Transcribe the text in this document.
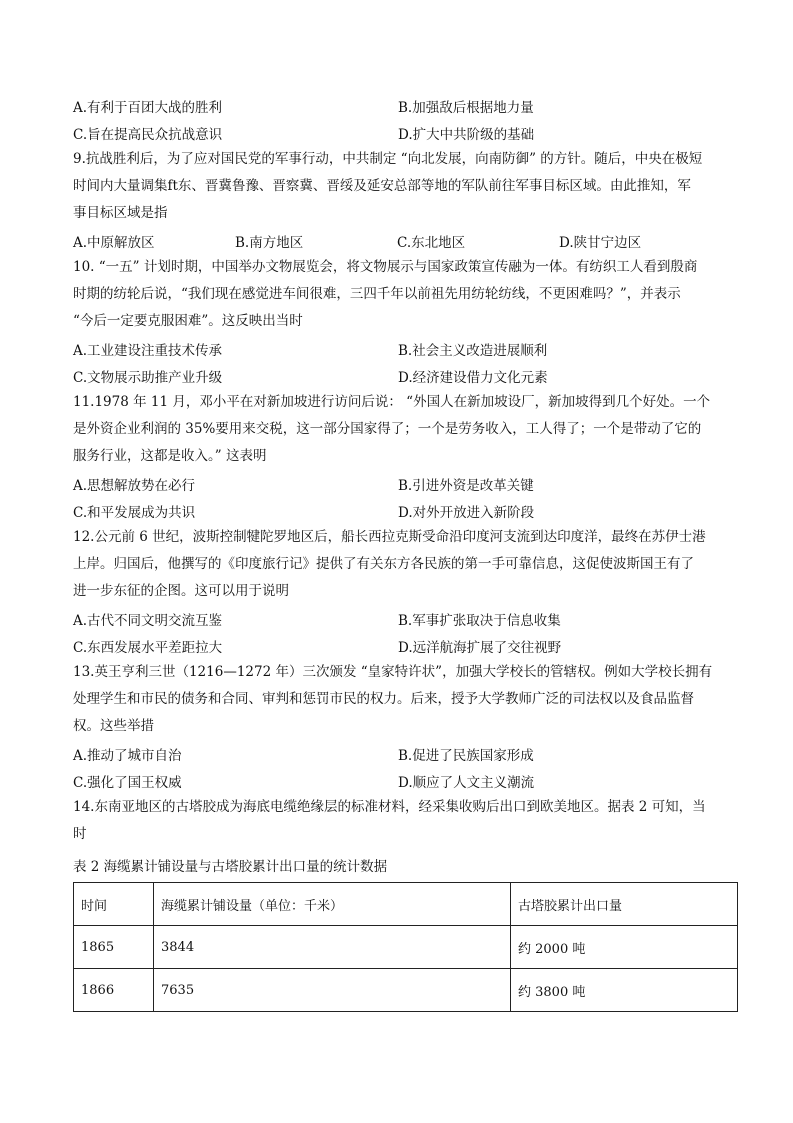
A.有利于百团大战的胜利	B.加强敌后根据地力量
C.旨在提高民众抗战意识	D.扩大中共阶级的基础

9.抗战胜利后，为了应对国民党的军事行动，中共制定 “向北发展，向南防御” 的方针。随后，中央在极短

时间内大量调集ft东、晋冀鲁豫、晋察冀、晋绥及延安总部等地的军队前往军事目标区域。由此推知，军

事目标区域是指

A.中原解放区	B.南方地区	C.东北地区	D.陕甘宁边区

10. “一五” 计划时期，中国举办文物展览会，将文物展示与国家政策宣传融为一体。有纺织工人看到殷商

时期的纺轮后说，“我们现在感觉进车间很难，三四千年以前祖先用纺轮纺线，不更困难吗？”，并表示

“今后一定要克服困难”。这反映出当时

A.工业建设注重技术传承	B.社会主义改造进展顺利
C.文物展示助推产业升级	D.经济建设借力文化元素

11.1978 年 11 月，邓小平在对新加坡进行访问后说： “外国人在新加坡设厂，新加坡得到几个好处。一个

是外资企业利润的 35%要用来交税，这一部分国家得了；一个是劳务收入，工人得了；一个是带动了它的

服务行业，这都是收入。” 这表明

A.思想解放势在必行	B.引进外资是改革关键
C.和平发展成为共识	D.对外开放进入新阶段

12.公元前 6 世纪，波斯控制犍陀罗地区后，船长西拉克斯受命沿印度河支流到达印度洋，最终在苏伊士港

上岸。归国后，他撰写的《印度旅行记》提供了有关东方各民族的第一手可靠信息，这促使波斯国王有了

进一步东征的企图。这可以用于说明

A.古代不同文明交流互鉴	B.军事扩张取决于信息收集
C.东西发展水平差距拉大	D.远洋航海扩展了交往视野

13.英王亨利三世（1216—1272 年）三次颁发 “皇家特许状”，加强大学校长的管辖权。例如大学校长拥有

处理学生和市民的债务和合同、审判和惩罚市民的权力。后来，授予大学教师广泛的司法权以及食品监督

权。这些举措

A.推动了城市自治	B.促进了民族国家形成
C.强化了国王权威	D.顺应了人文主义潮流

14.东南亚地区的古塔胶成为海底电缆绝缘层的标准材料，经采集收购后出口到欧美地区。据表 2 可知，当

时

表 2 海缆累计铺设量与古塔胶累计出口量的统计数据
时间	海缆累计铺设量（单位：千米）	古塔胶累计出口量
1865	3844	约 2000 吨
1866	7635	约 3800 吨
